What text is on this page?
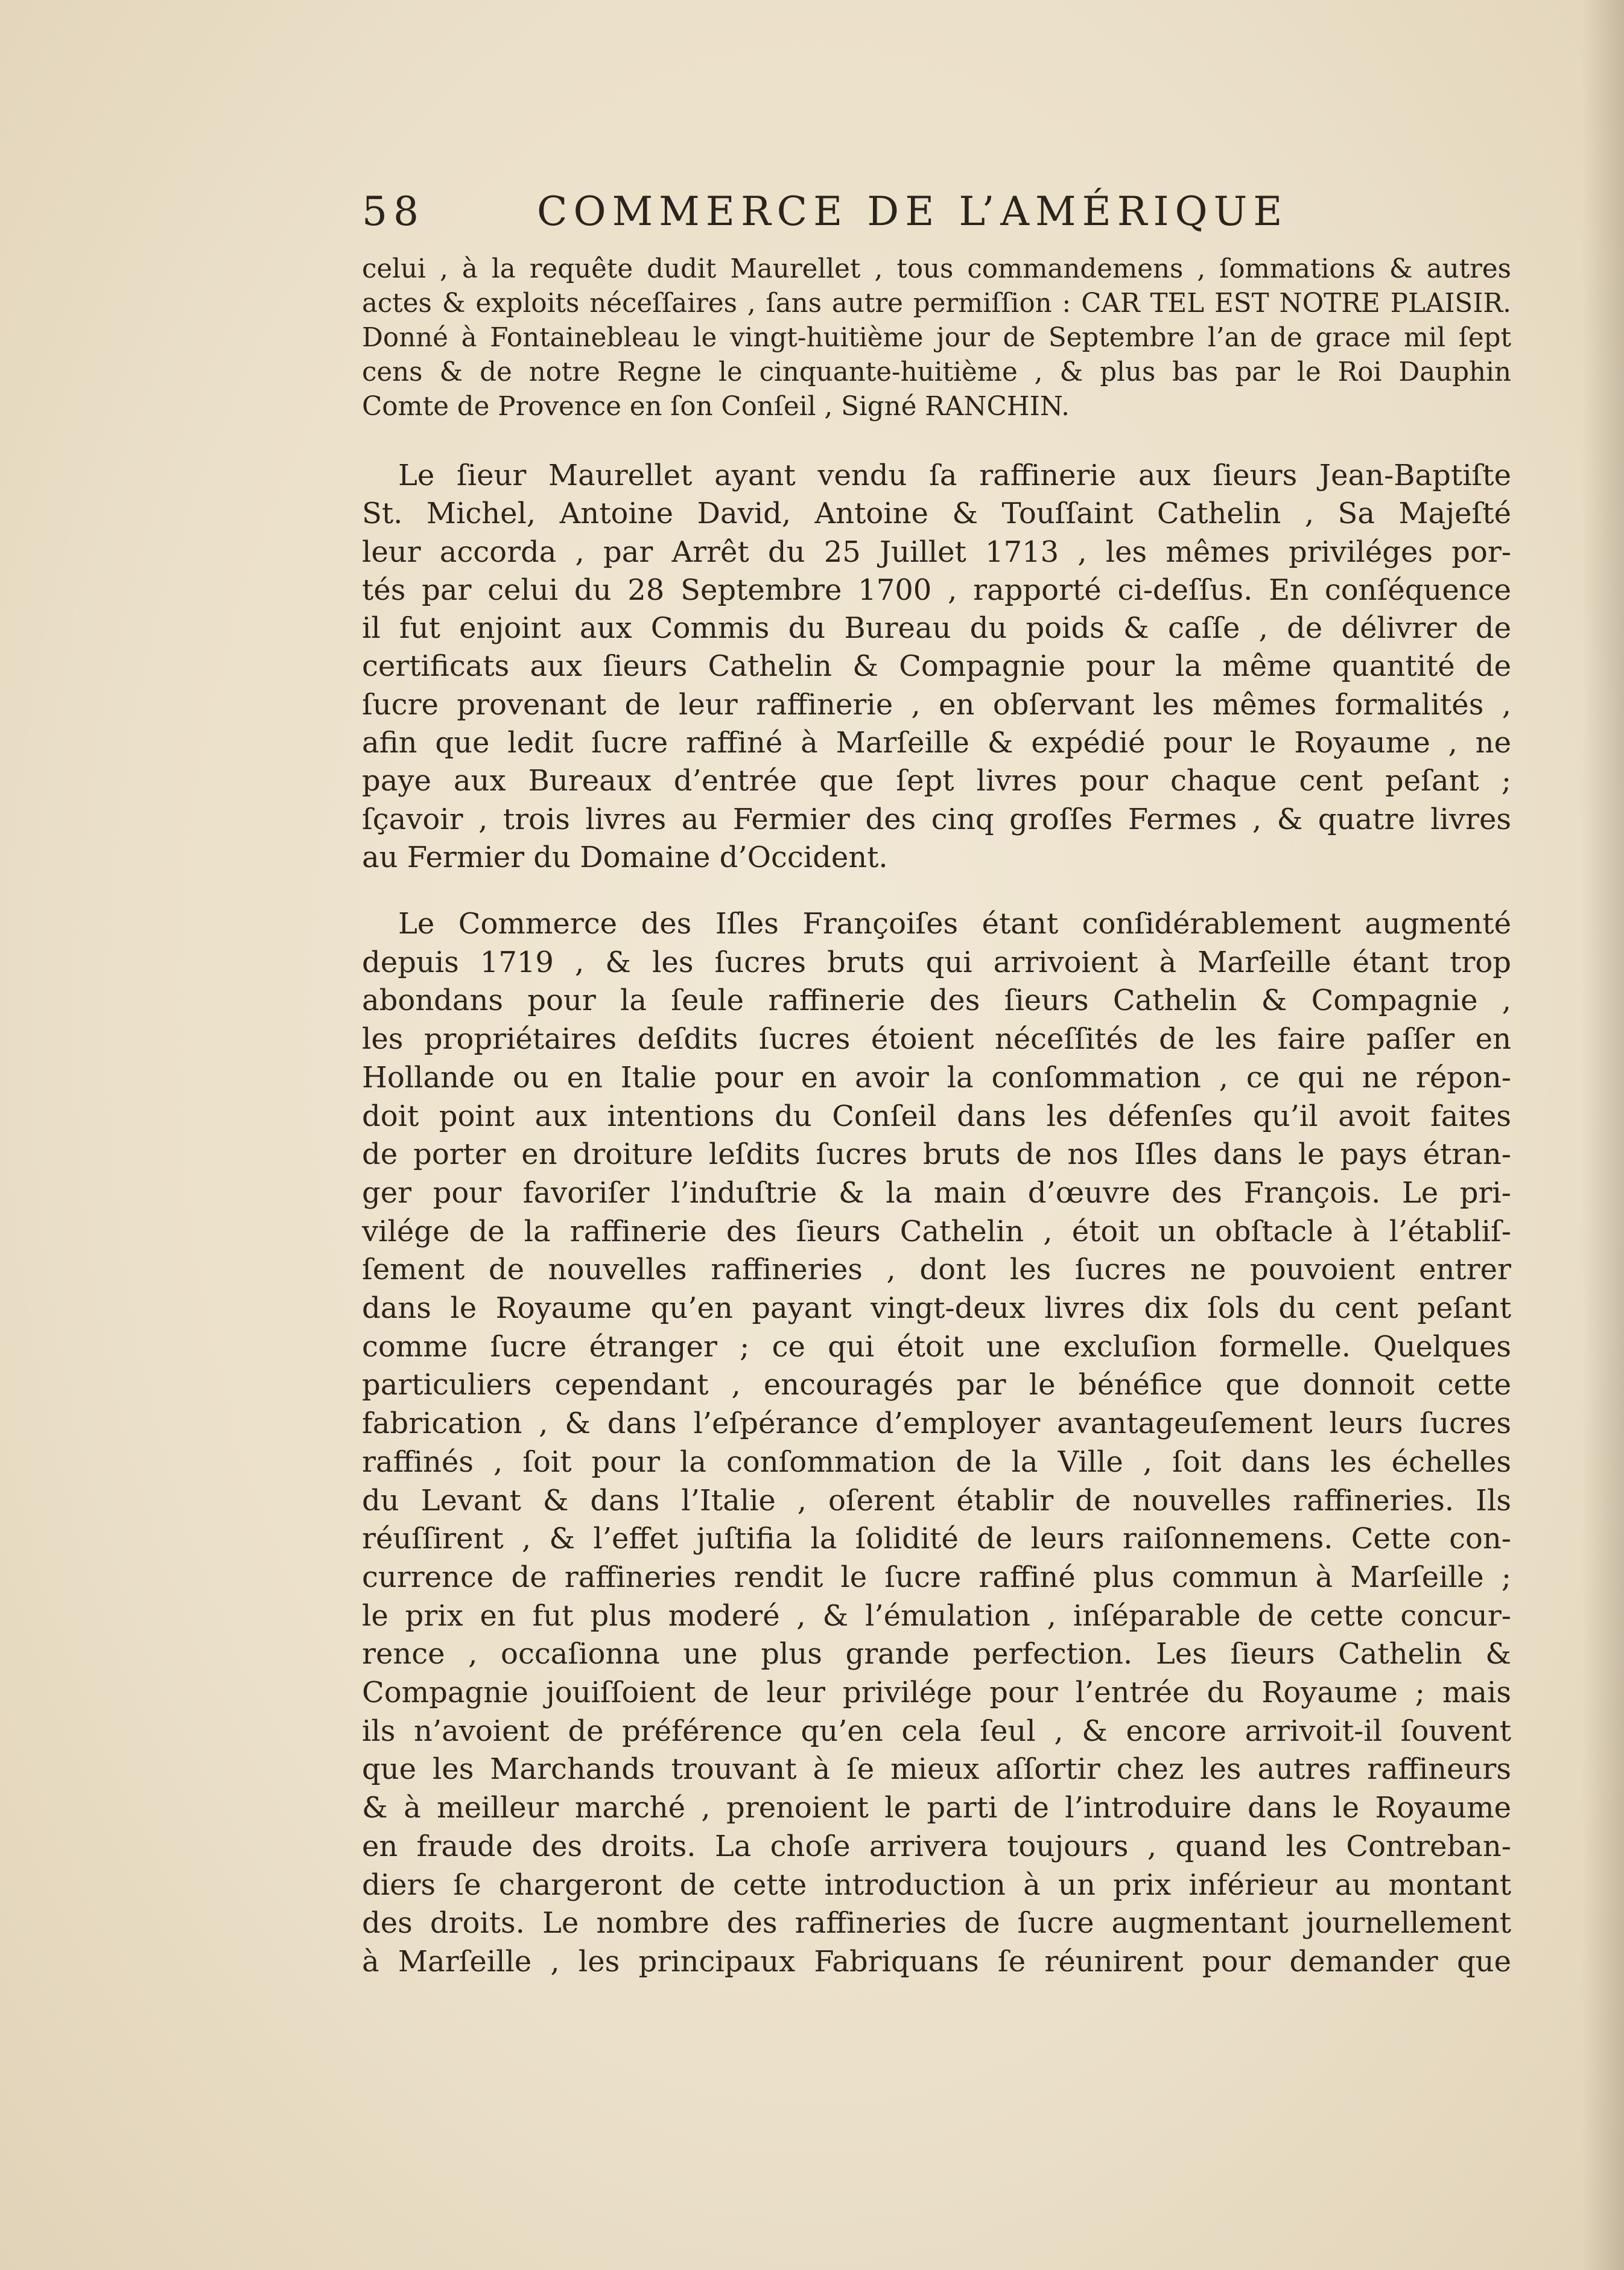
58	COMMERCE DE L’AMÉRIQUE
celui , à la requête dudit Maurellet , tous commandemens , ſommations & autres
actes & exploits néceſſaires , ſans autre permiſſion : CAR TEL EST NOTRE PLAISIR.
Donné à Fontainebleau le vingt-huitième jour de Septembre l’an de grace mil ſept
cens & de notre Regne le cinquante-huitième , & plus bas par le Roi Dauphin
Comte de Provence en ſon Conſeil , Signé RANCHIN.
Le ſieur Maurellet ayant vendu ſa raffinerie aux ſieurs Jean-Baptiſte
St. Michel, Antoine David, Antoine & Touſſaint Cathelin , Sa Majeſté
leur accorda , par Arrêt du 25 Juillet 1713 , les mêmes priviléges por-
tés par celui du 28 Septembre 1700 , rapporté ci-deſſus. En conſéquence
il fut enjoint aux Commis du Bureau du poids & caſſe , de délivrer de
certificats aux ſieurs Cathelin & Compagnie pour la même quantité de
ſucre provenant de leur raffinerie , en obſervant les mêmes formalités ,
afin que ledit ſucre raffiné à Marſeille & expédié pour le Royaume , ne
paye aux Bureaux d’entrée que ſept livres pour chaque cent peſant ;
ſçavoir , trois livres au Fermier des cinq groſſes Fermes , & quatre livres
au Fermier du Domaine d’Occident.
Le Commerce des Iſles Françoiſes étant conſidérablement augmenté
depuis 1719 , & les ſucres bruts qui arrivoient à Marſeille étant trop
abondans pour la ſeule raffinerie des ſieurs Cathelin & Compagnie ,
les propriétaires deſdits ſucres étoient néceſſités de les faire paſſer en
Hollande ou en Italie pour en avoir la conſommation , ce qui ne répon-
doit point aux intentions du Conſeil dans les défenſes qu’il avoit faites
de porter en droiture leſdits ſucres bruts de nos Iſles dans le pays étran-
ger pour favoriſer l’induſtrie & la main d’œuvre des François. Le pri-
vilége de la raffinerie des ſieurs Cathelin , étoit un obſtacle à l’établiſ-
ſement de nouvelles raffineries , dont les ſucres ne pouvoient entrer
dans le Royaume qu’en payant vingt-deux livres dix ſols du cent peſant
comme ſucre étranger ; ce qui étoit une excluſion formelle. Quelques
particuliers cependant , encouragés par le bénéfice que donnoit cette
fabrication , & dans l’eſpérance d’employer avantageuſement leurs ſucres
raffinés , ſoit pour la conſommation de la Ville , ſoit dans les échelles
du Levant & dans l’Italie , oſerent établir de nouvelles raffineries. Ils
réuſſirent , & l’effet juſtifia la ſolidité de leurs raiſonnemens. Cette con-
currence de raffineries rendit le ſucre raffiné plus commun à Marſeille ;
le prix en fut plus moderé , & l’émulation , inſéparable de cette concur-
rence , occaſionna une plus grande perfection. Les ſieurs Cathelin &
Compagnie jouiſſoient de leur privilége pour l’entrée du Royaume ; mais
ils n’avoient de préférence qu’en cela ſeul , & encore arrivoit-il ſouvent
que les Marchands trouvant à ſe mieux aſſortir chez les autres raffineurs
& à meilleur marché , prenoient le parti de l’introduire dans le Royaume
en fraude des droits. La choſe arrivera toujours , quand les Contreban-
diers ſe chargeront de cette introduction à un prix inférieur au montant
des droits. Le nombre des raffineries de ſucre augmentant journellement
à Marſeille , les principaux Fabriquans ſe réunirent pour demander que
